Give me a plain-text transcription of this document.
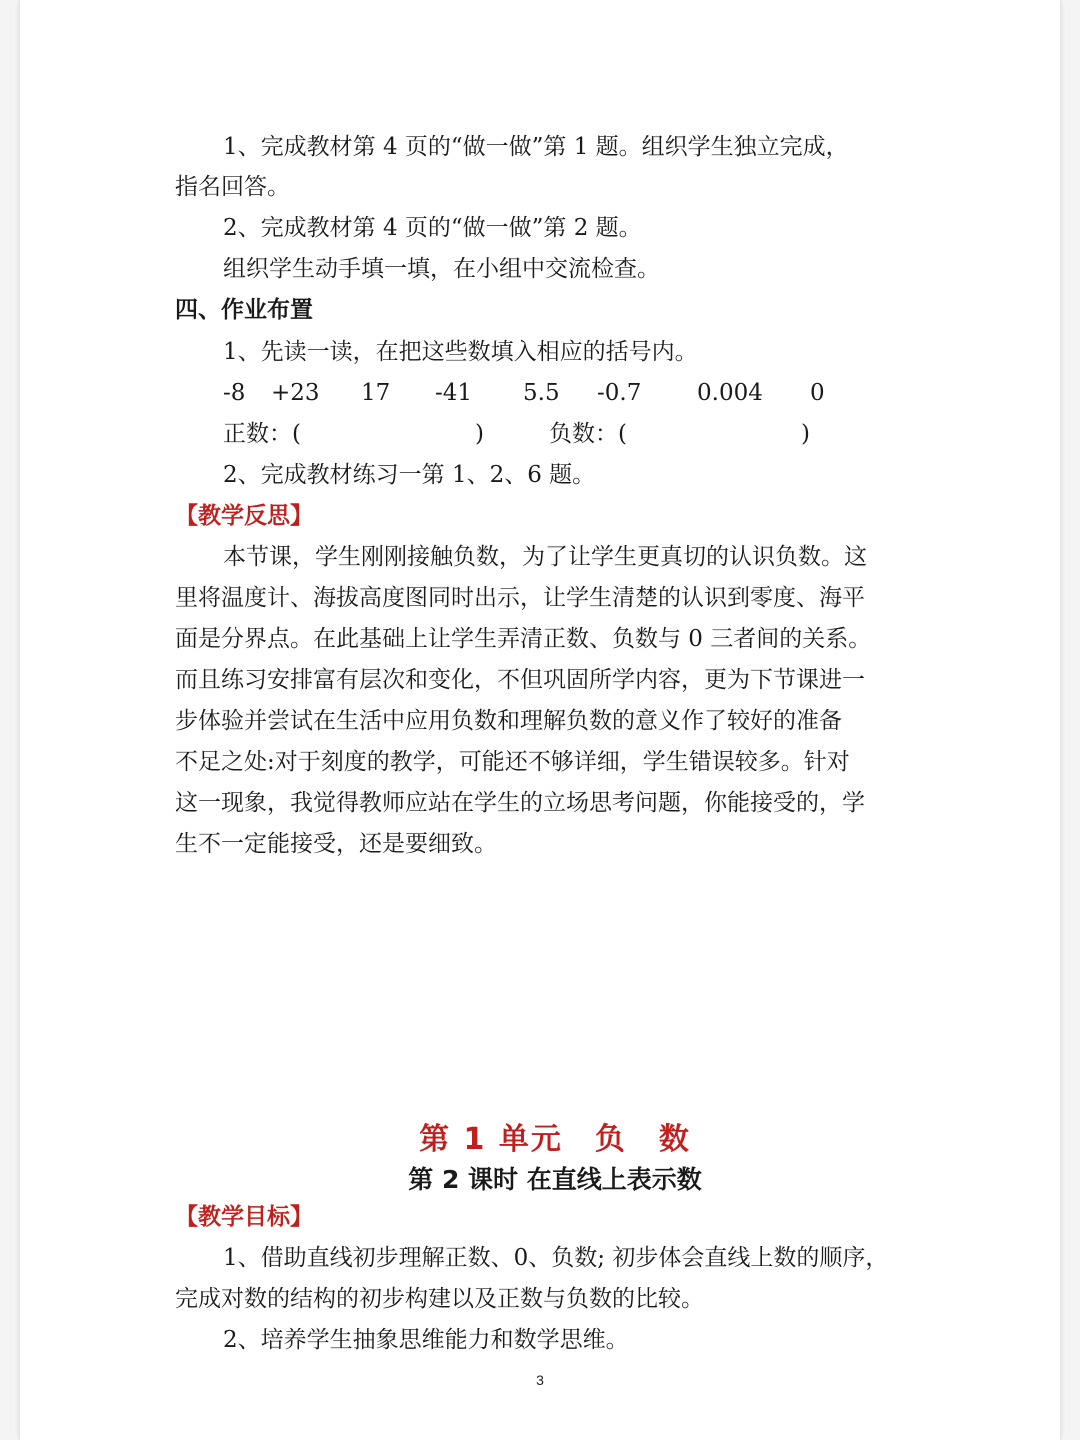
1、完成教材第 4 页的“做一做”第 1 题。组织学生独立完成，
指名回答。
2、完成教材第 4 页的“做一做”第 2 题。
组织学生动手填一填，在小组中交流检查。
四、作业布置
1、先读一读，在把这些数填入相应的括号内。
-8 +23 17 -41 5.5 -0.7 0.004 0
正数：(	)	负数：(	)
2、完成教材练习一第 1、2、6 题。
【教学反思】
本节课，学生刚刚接触负数，为了让学生更真切的认识负数。这
里将温度计、海拔高度图同时出示，让学生清楚的认识到零度、海平
面是分界点。在此基础上让学生弄清正数、负数与 0 三者间的关系。
而且练习安排富有层次和变化，不但巩固所学内容，更为下节课进一
步体验并尝试在生活中应用负数和理解负数的意义作了较好的准备
不足之处:对于刻度的教学，可能还不够详细，学生错误较多。针对
这一现象，我觉得教师应站在学生的立场思考问题，你能接受的，学
生不一定能接受，还是要细致。
第 1 单元　负　数
第 2 课时 在直线上表示数
【教学目标】
1、借助直线初步理解正数、0、负数; 初步体会直线上数的顺序，
完成对数的结构的初步构建以及正数与负数的比较。
2、培养学生抽象思维能力和数学思维。
3
